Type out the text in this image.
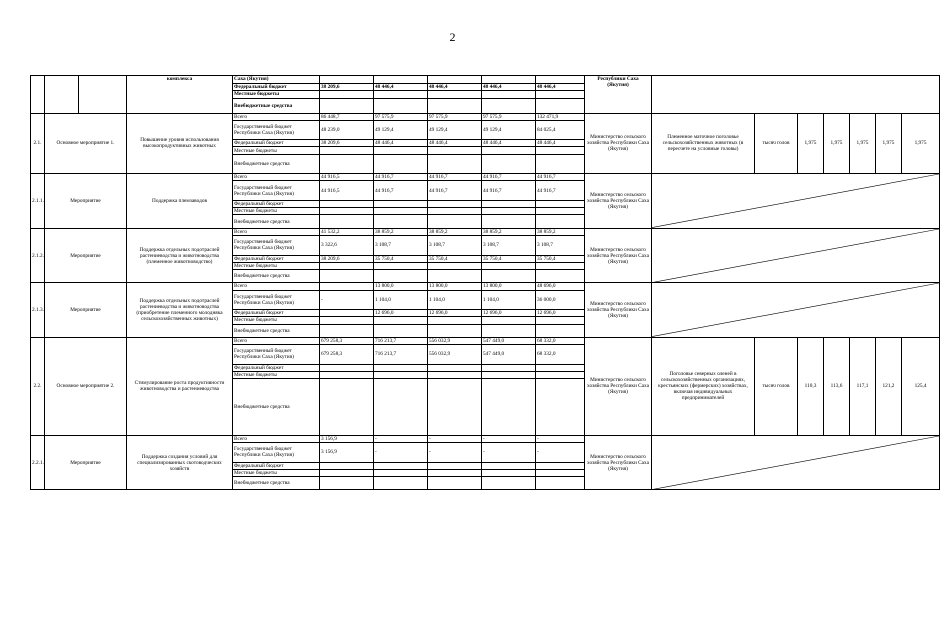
2
			комплекса	Саха (Якутия)						Республики Саха (Якутия)							
				Федеральный бюджет	38 209,6	48 446,4	48 446,4	48 446,4	48 446,4								
				Местные бюджеты													
				Внебюджетные средства													
2.1.	Основное мероприятие 1.		Повышение уровня использования высокопродуктивных животных	Всего	86 448,7	97 575,9	97 575,9	97 575,9	132 471,9	Министерство сельского хозяйства Республики Саха (Якутия)	Племенное маточное поголовье сельскохозяйственных животных (в пересчете на условные головы)	тысяч голов	1,975	1,975	1,975	1,975	1,975
				Государственный бюджет Республики Саха (Якутия)	48 239,0	49 129,4	49 129,4	49 129,4	84 025,4								
				Федеральный бюджет	38 209,6	48 446,4	48 446,4	48 446,4	48 446,4								
				Местные бюджеты													
				Внебюджетные средства													
2.1.1.	Мероприятие		Поддержка племзаводов	Всего	44 916,5	44 916,7	44 916,7	44 916,7	44 916,7	Министерство сельского хозяйства Республики Саха (Якутия)	

				Государственный бюджет Республики Саха (Якутия)	44 916,5	44 916,7	44 916,7	44 916,7	44 916,7								
				Федеральный бюджет													
				Местные бюджеты													
				Внебюджетные средства													
2.1.2.	Мероприятие		Поддержка отдельных подотраслей растениеводства и животноводства (племенное животноводство)	Всего	41 532,2	38 859,2	38 859,2	38 859,2	38 859,2	Министерство сельского хозяйства Республики Саха (Якутия)	

				Государственный бюджет Республики Саха (Якутия)	3 322,6	3 108,7	3 108,7	3 108,7	3 108,7								
				Федеральный бюджет	38 209,6	35 750,4	35 750,4	35 750,4	35 750,4								
				Местные бюджеты													
				Внебюджетные средства													
2.1.3.	Мероприятие		Поддержка отдельных подотраслей растениеводства и животноводства (приобретение племенного молодняка сельскохозяйственных животных)	Всего		13 800,0	13 800,0	13 800,0	48 696,0	Министерство сельского хозяйства Республики Саха (Якутия)	

				Государственный бюджет Республики Саха (Якутия)	-	1 104,0	1 104,0	1 104,0	36 000,0								
				Федеральный бюджет		12 696,0	12 696,0	12 696,0	12 696,0								
				Местные бюджеты													
				Внебюджетные средства													
2.2.	Основное мероприятие 2.		Стимулирование роста продуктивности животноводства и растениеводства	Всего	679 258,3	716 213,7	556 032,9	547 449,0	68 332,0	Министерство сельского хозяйства Республики Саха (Якутия)	Поголовье северных оленей в сельскохозяйственных организациях, крестьянских (фермерских) хозяйствах, включая индивидуальных предпринимателей	тысяч голов	110,3	113,6	117,1	121,2	125,4
				Государственный бюджет Республики Саха (Якутия)	679 258,3	716 213,7	556 032,9	547 449,0	68 332,0								
				Федеральный бюджет													
				Местные бюджеты													
				Внебюджетные средства													
2.2.1.	Мероприятие		Поддержка создания условий для специализированных скотоводческих хозяйств	Всего	3 156,9	-	-	-	-	Министерство сельского хозяйства Республики Саха (Якутия)	

				Государственный бюджет Республики Саха (Якутия)	3 156,9	-	-	-	-								
				Федеральный бюджет													
				Местные бюджеты													
				Внебюджетные средства													
